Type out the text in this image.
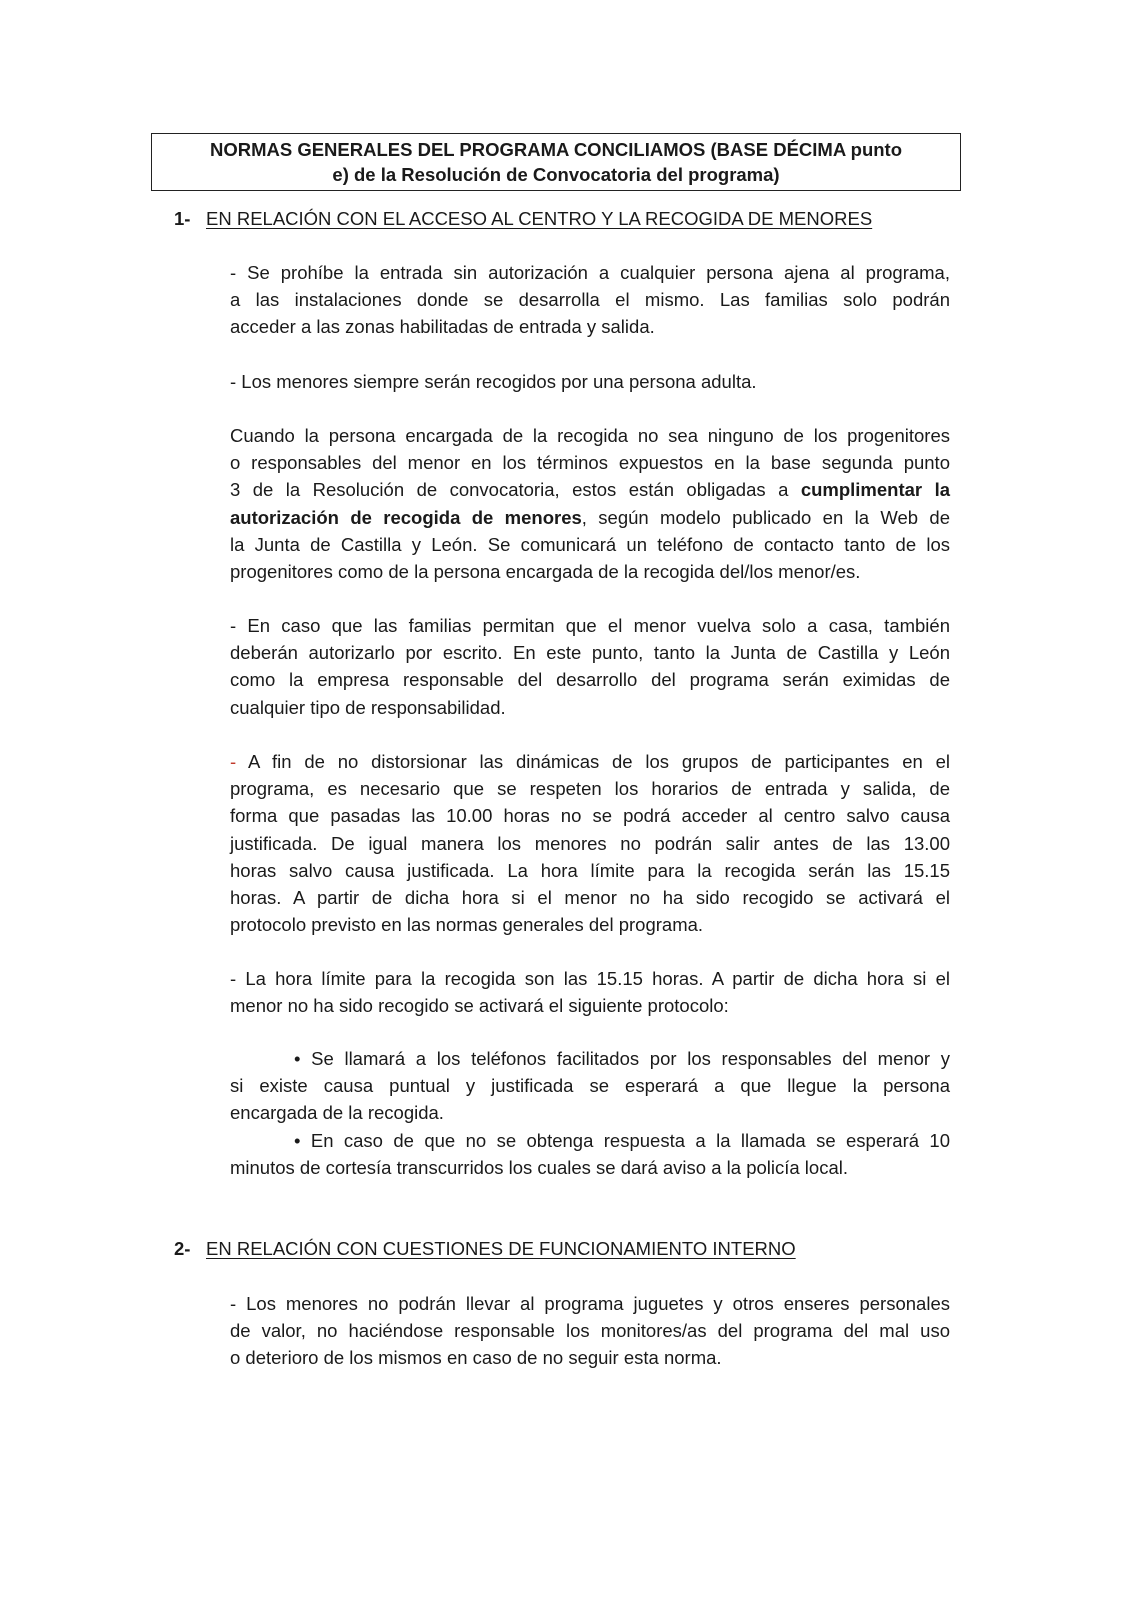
NORMAS GENERALES DEL PROGRAMA CONCILIAMOS (BASE DÉCIMA punto
e) de la Resolución de Convocatoria del programa)
1- EN RELACIÓN CON EL ACCESO AL CENTRO Y LA RECOGIDA DE MENORES
- Se prohíbe la entrada sin autorización a cualquier persona ajena al programa,
a las instalaciones donde se desarrolla el mismo. Las familias solo podrán
acceder a las zonas habilitadas de entrada y salida.
- Los menores siempre serán recogidos por una persona adulta.
Cuando la persona encargada de la recogida no sea ninguno de los progenitores
o responsables del menor en los términos expuestos en la base segunda punto
3 de la Resolución de convocatoria, estos están obligadas a cumplimentar la
autorización de recogida de menores, según modelo publicado en la Web de
la Junta de Castilla y León. Se comunicará un teléfono de contacto tanto de los
progenitores como de la persona encargada de la recogida del/los menor/es.
- En caso que las familias permitan que el menor vuelva solo a casa, también
deberán autorizarlo por escrito. En este punto, tanto la Junta de Castilla y León
como la empresa responsable del desarrollo del programa serán eximidas de
cualquier tipo de responsabilidad.
- A fin de no distorsionar las dinámicas de los grupos de participantes en el
programa, es necesario que se respeten los horarios de entrada y salida, de
forma que pasadas las 10.00 horas no se podrá acceder al centro salvo causa
justificada. De igual manera los menores no podrán salir antes de las 13.00
horas salvo causa justificada. La hora límite para la recogida serán las 15.15
horas. A partir de dicha hora si el menor no ha sido recogido se activará el
protocolo previsto en las normas generales del programa.
- La hora límite para la recogida son las 15.15 horas. A partir de dicha hora si el
menor no ha sido recogido se activará el siguiente protocolo:
• Se llamará a los teléfonos facilitados por los responsables del menor y
si existe causa puntual y justificada se esperará a que llegue la persona
encargada de la recogida.
• En caso de que no se obtenga respuesta a la llamada se esperará 10
minutos de cortesía transcurridos los cuales se dará aviso a la policía local.
2- EN RELACIÓN CON CUESTIONES DE FUNCIONAMIENTO INTERNO
- Los menores no podrán llevar al programa juguetes y otros enseres personales
de valor, no haciéndose responsable los monitores/as del programa del mal uso
o deterioro de los mismos en caso de no seguir esta norma.
